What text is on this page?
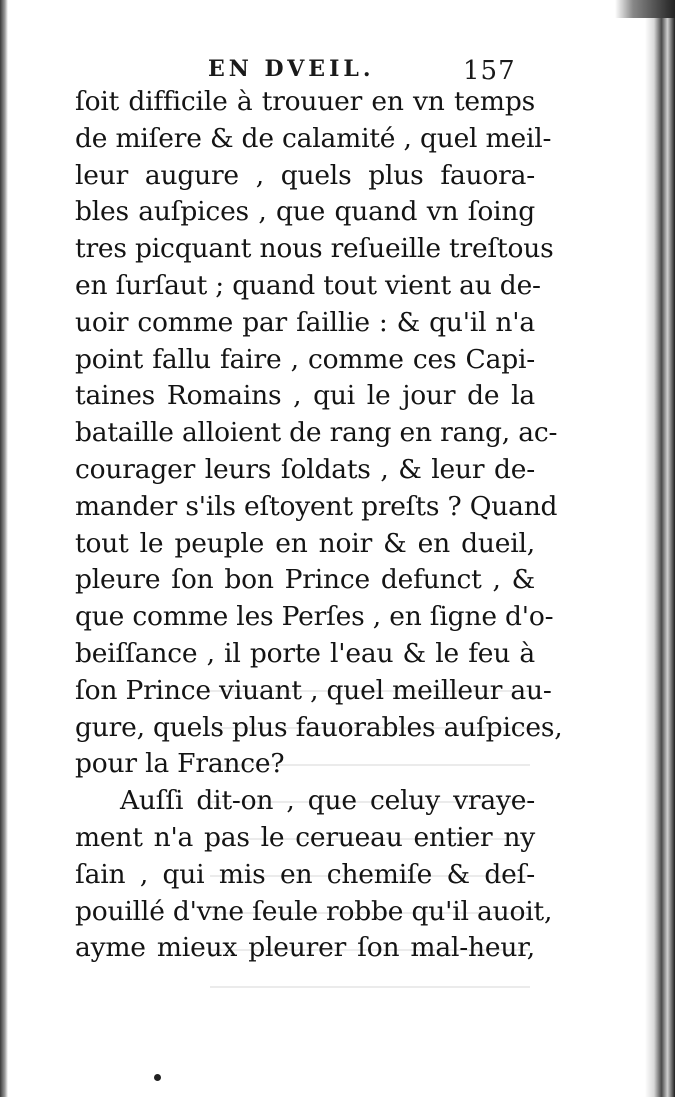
EN DVEIL.	157
ſoit difficile à trouuer en vn temps
de miſere & de calamité , quel meil-
leur augure , quels plus fauora-
bles auſpices , que quand vn ſoing
tres picquant nous reſueille treſtous
en ſurſaut ; quand tout vient au de-
uoir comme par ſaillie : & qu'il n'a
point fallu faire , comme ces Capi-
taines Romains , qui le jour de la
bataille alloient de rang en rang, ac-
courager leurs ſoldats , & leur de-
mander s'ils eſtoyent preſts ? Quand
tout le peuple en noir & en dueil,
pleure ſon bon Prince defunct , &
que comme les Perſes , en ſigne d'o-
beiſſance , il porte l'eau & le feu à
ſon Prince viuant , quel meilleur au-
gure, quels plus fauorables auſpices,
pour la France?
Auſſi dit-on , que celuy vraye-
ment n'a pas le cerueau entier ny
ſain , qui mis en chemiſe & deſ-
pouillé d'vne ſeule robbe qu'il auoit,
ayme mieux pleurer ſon mal-heur,
